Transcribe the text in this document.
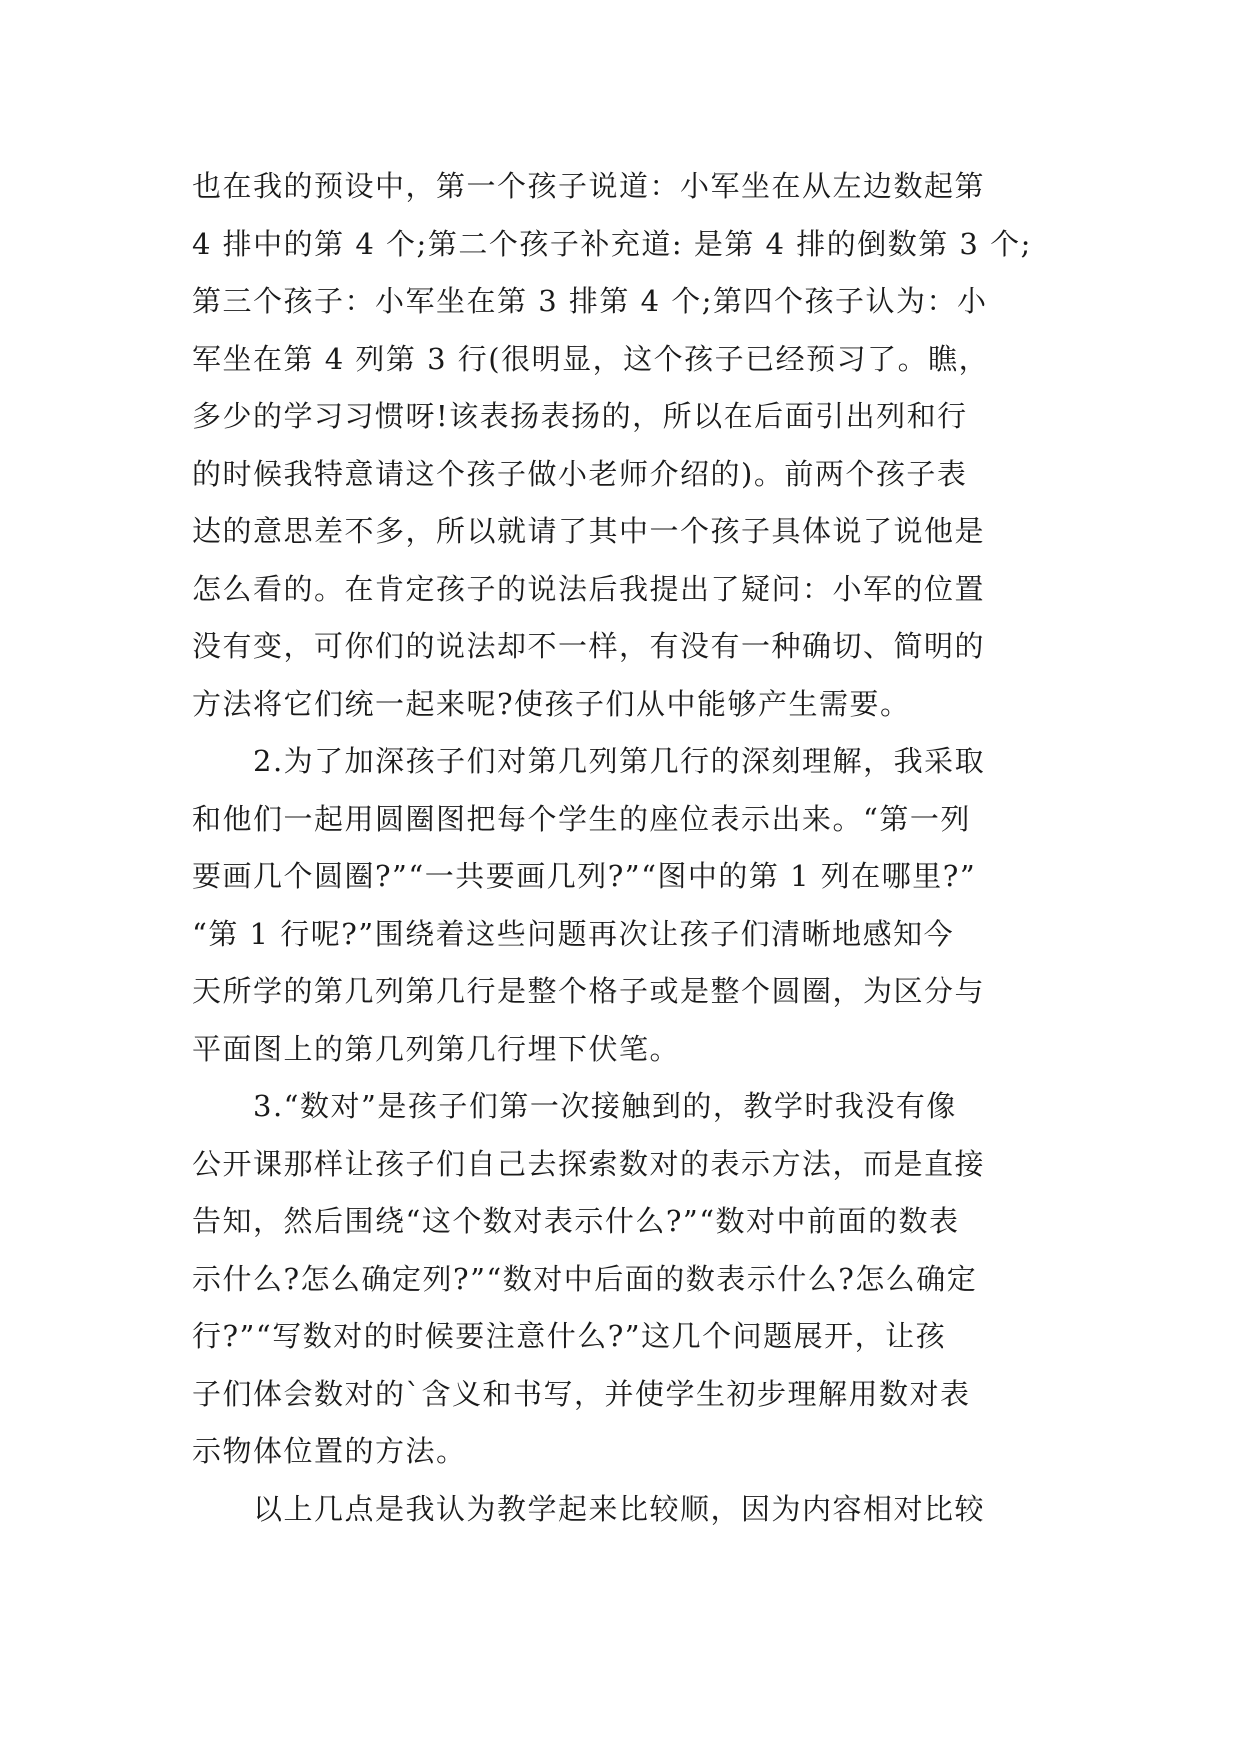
也在我的预设中，第一个孩子说道：小军坐在从左边数起第
4 排中的第 4 个;第二个孩子补充道: 是第 4 排的倒数第 3 个;
第三个孩子：小军坐在第 3 排第 4 个;第四个孩子认为：小
军坐在第 4 列第 3 行(很明显，这个孩子已经预习了。瞧，
多少的学习习惯呀!该表扬表扬的，所以在后面引出列和行
的时候我特意请这个孩子做小老师介绍的)。前两个孩子表
达的意思差不多，所以就请了其中一个孩子具体说了说他是
怎么看的。在肯定孩子的说法后我提出了疑问：小军的位置
没有变，可你们的说法却不一样，有没有一种确切、简明的
方法将它们统一起来呢?使孩子们从中能够产生需要。
2.为了加深孩子们对第几列第几行的深刻理解，我采取
和他们一起用圆圈图把每个学生的座位表示出来。“第一列
要画几个圆圈?”“一共要画几列?”“图中的第 1 列在哪里?”
“第 1 行呢?”围绕着这些问题再次让孩子们清晰地感知今
天所学的第几列第几行是整个格子或是整个圆圈，为区分与
平面图上的第几列第几行埋下伏笔。
3.“数对”是孩子们第一次接触到的，教学时我没有像
公开课那样让孩子们自己去探索数对的表示方法，而是直接
告知，然后围绕“这个数对表示什么?”“数对中前面的数表
示什么?怎么确定列?”“数对中后面的数表示什么?怎么确定
行?”“写数对的时候要注意什么?”这几个问题展开，让孩
子们体会数对的`含义和书写，并使学生初步理解用数对表
示物体位置的方法。
以上几点是我认为教学起来比较顺，因为内容相对比较
